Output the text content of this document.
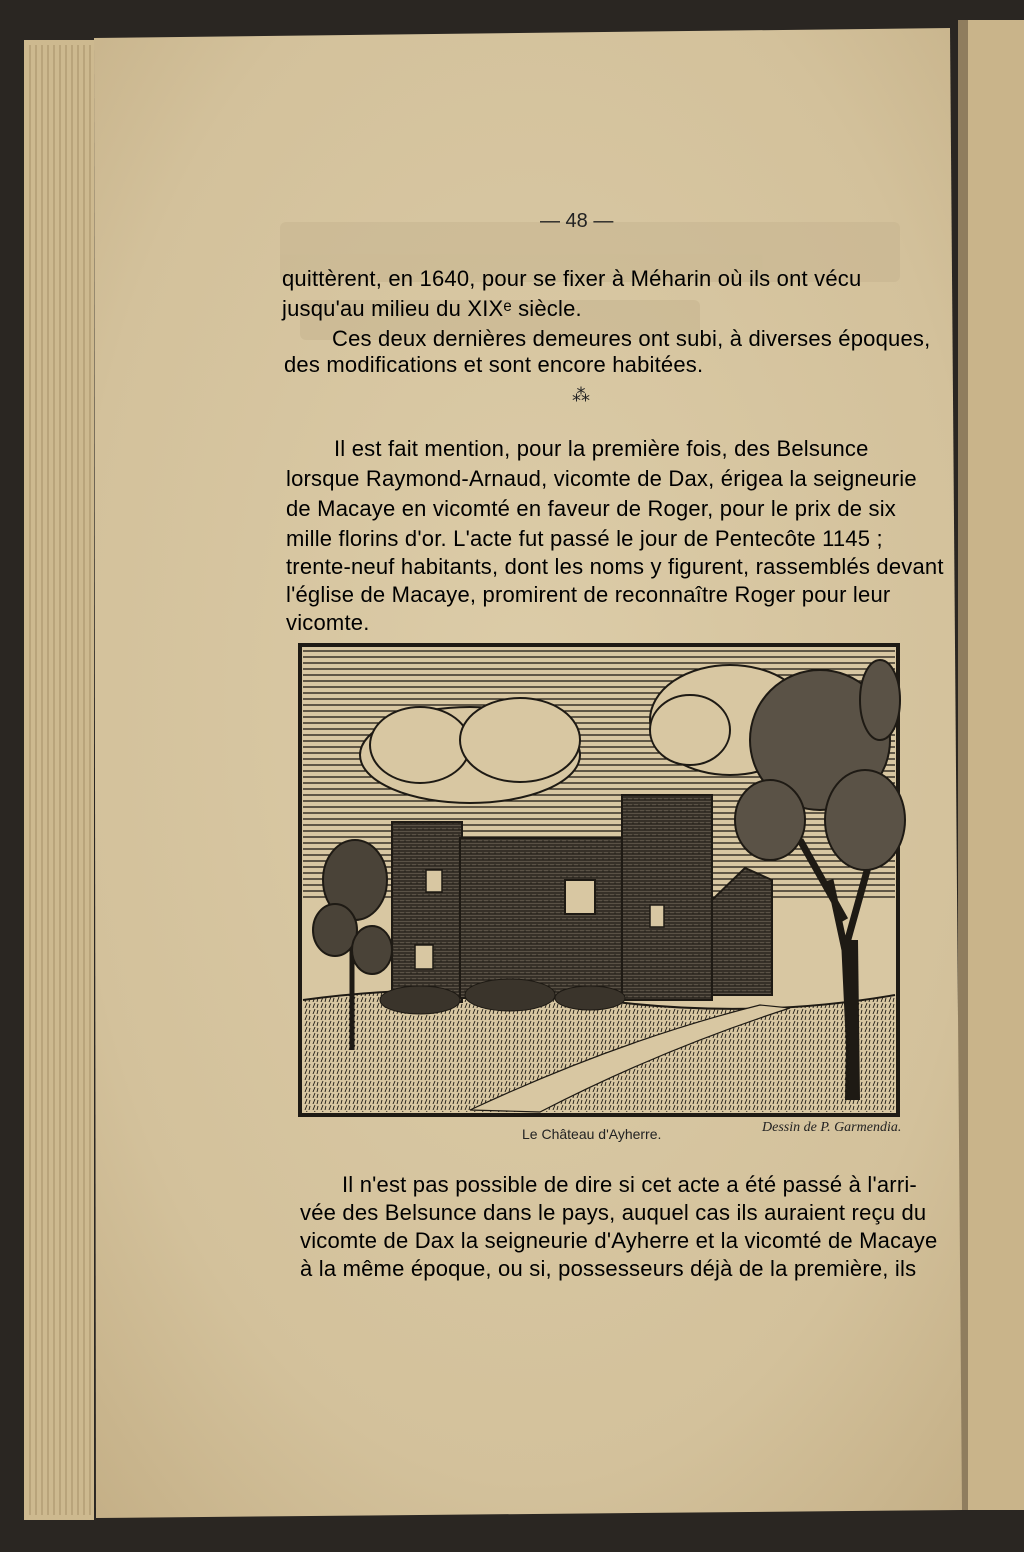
— 48 —
quittèrent, en 1640, pour se fixer à Méharin où ils ont vécu
jusqu'au milieu du XIXᵉ siècle.
Ces deux dernières demeures ont subi, à diverses époques,
des modifications et sont encore habitées.
⁂
Il est fait mention, pour la première fois, des Belsunce
lorsque Raymond-Arnaud, vicomte de Dax, érigea la seigneurie
de Macaye en vicomté en faveur de Roger, pour le prix de six
mille florins d'or. L'acte fut passé le jour de Pentecôte 1145 ;
trente-neuf habitants, dont les noms y figurent, rassemblés devant
l'église de Macaye, promirent de reconnaître Roger pour leur
vicomte.
Le Château d'Ayherre.	Dessin de P. Garmendia.
Il n'est pas possible de dire si cet acte a été passé à l'arri-
vée des Belsunce dans le pays, auquel cas ils auraient reçu du
vicomte de Dax la seigneurie d'Ayherre et la vicomté de Macaye
à la même époque, ou si, possesseurs déjà de la première, ils
